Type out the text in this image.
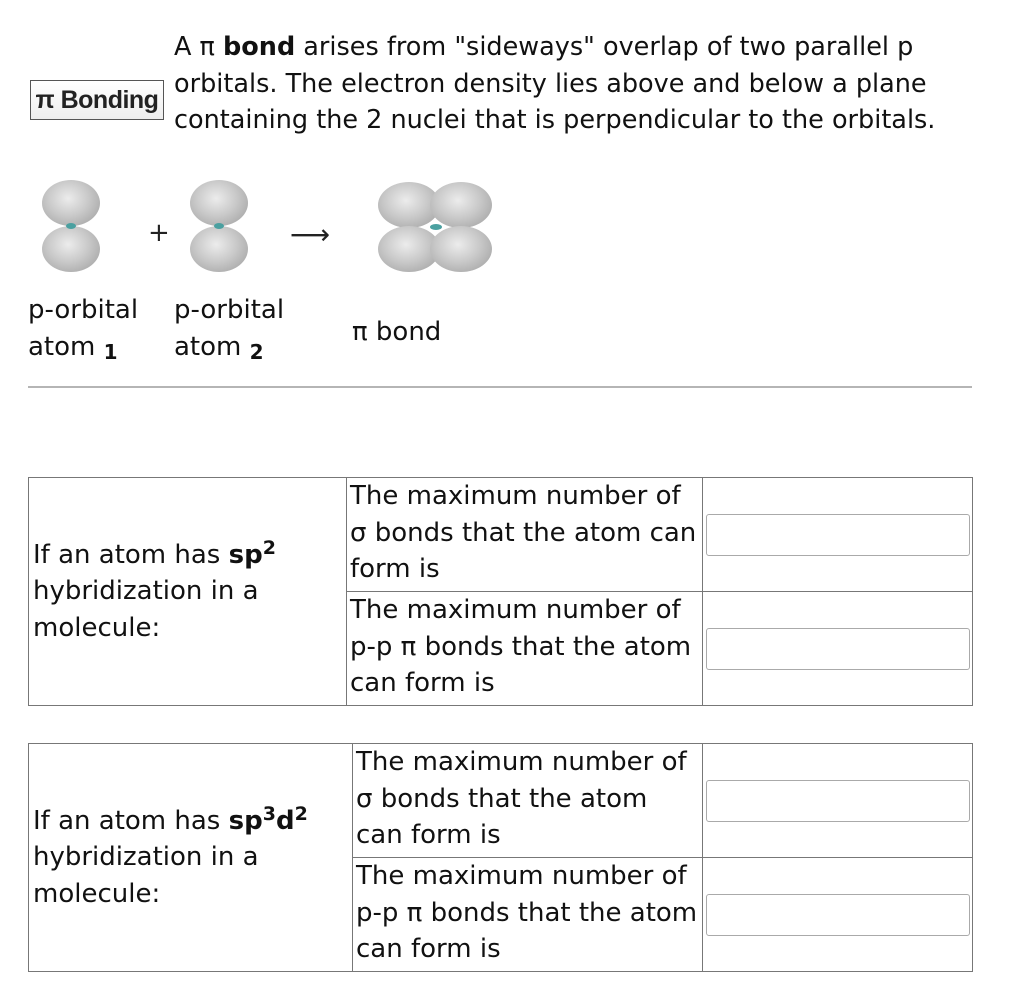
π Bonding

A π bond arises from "sideways" overlap of two parallel p orbitals. The electron density lies above and below a plane containing the 2 nuclei that is perpendicular to the orbitals.

+	⟶
p-orbital
atom $_1$
p-orbital
atom $_2$
π bond
If an atom has $sp^2$ hybridization in a molecule:	The maximum number of σ bonds that the atom can form is	

	The maximum number of p-p π bonds that the atom can form is	
If an atom has $sp^3d^2$ hybridization in a molecule:	The maximum number of σ bonds that the atom can form is	

	The maximum number of p-p π bonds that the atom can form is	
